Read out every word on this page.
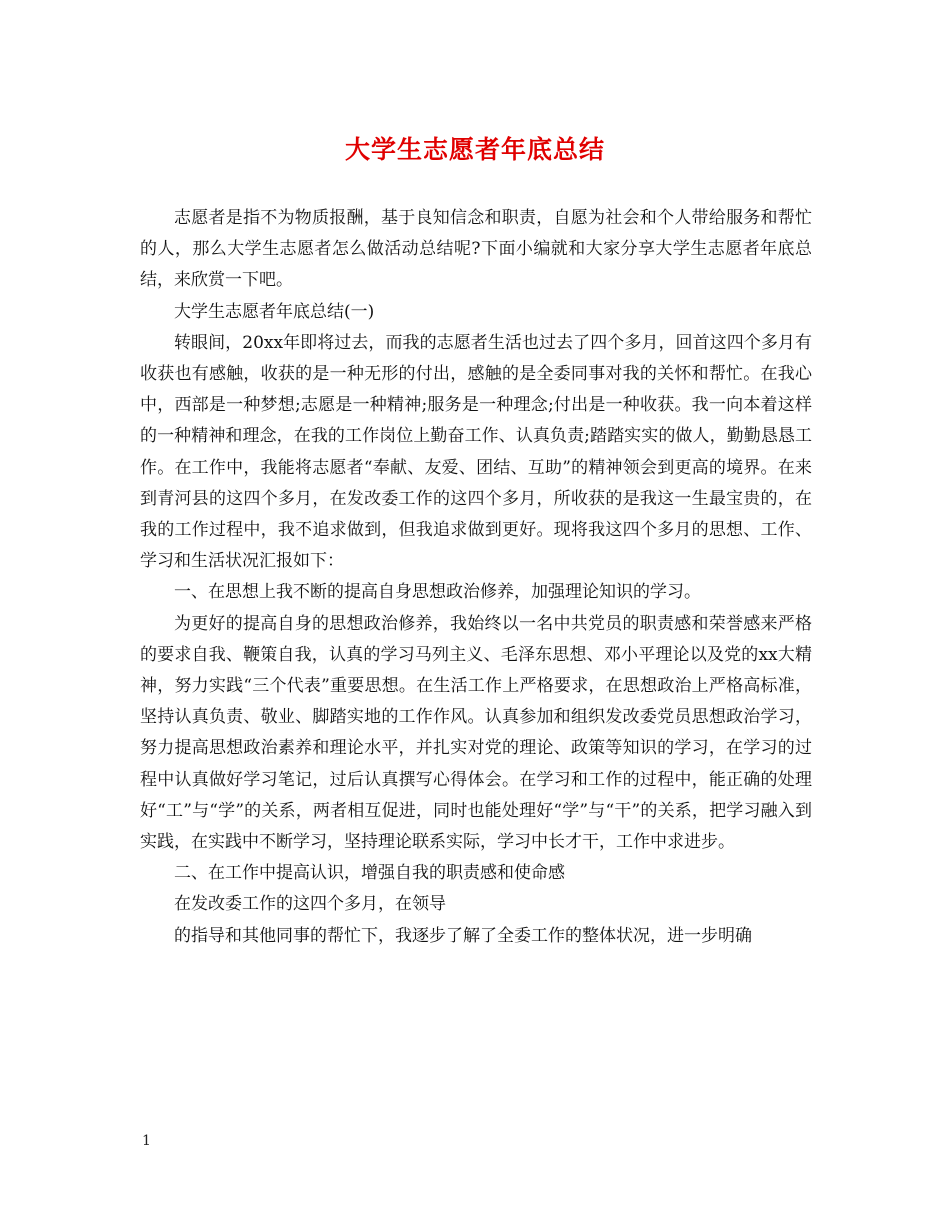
大学生志愿者年底总结

志愿者是指不为物质报酬，基于良知信念和职责，自愿为社会和个人带给服务和帮忙的人，那么大学生志愿者怎么做活动总结呢?下面小编就和大家分享大学生志愿者年底总结，来欣赏一下吧。

大学生志愿者年底总结(一)

转眼间，20xx年即将过去，而我的志愿者生活也过去了四个多月，回首这四个多月有收获也有感触，收获的是一种无形的付出，感触的是全委同事对我的关怀和帮忙。在我心中，西部是一种梦想;志愿是一种精神;服务是一种理念;付出是一种收获。我一向本着这样的一种精神和理念，在我的工作岗位上勤奋工作、认真负责;踏踏实实的做人，勤勤恳恳工作。在工作中，我能将志愿者“奉献、友爱、团结、互助”的精神领会到更高的境界。在来到青河县的这四个多月，在发改委工作的这四个多月，所收获的是我这一生最宝贵的，在我的工作过程中，我不追求做到，但我追求做到更好。现将我这四个多月的思想、工作、学习和生活状况汇报如下：

一、在思想上我不断的提高自身思想政治修养，加强理论知识的学习。

为更好的提高自身的思想政治修养，我始终以一名中共党员的职责感和荣誉感来严格的要求自我、鞭策自我，认真的学习马列主义、毛泽东思想、邓小平理论以及党的xx大精神，努力实践“三个代表”重要思想。在生活工作上严格要求，在思想政治上严格高标准，坚持认真负责、敬业、脚踏实地的工作作风。认真参加和组织发改委党员思想政治学习，努力提高思想政治素养和理论水平，并扎实对党的理论、政策等知识的学习，在学习的过程中认真做好学习笔记，过后认真撰写心得体会。在学习和工作的过程中，能正确的处理好“工”与“学”的关系，两者相互促进，同时也能处理好“学”与“干”的关系，把学习融入到实践，在实践中不断学习，坚持理论联系实际，学习中长才干，工作中求进步。

二、在工作中提高认识，增强自我的职责感和使命感

在发改委工作的这四个多月，在领导

的指导和其他同事的帮忙下，我逐步了解了全委工作的整体状况，进一步明确

1
